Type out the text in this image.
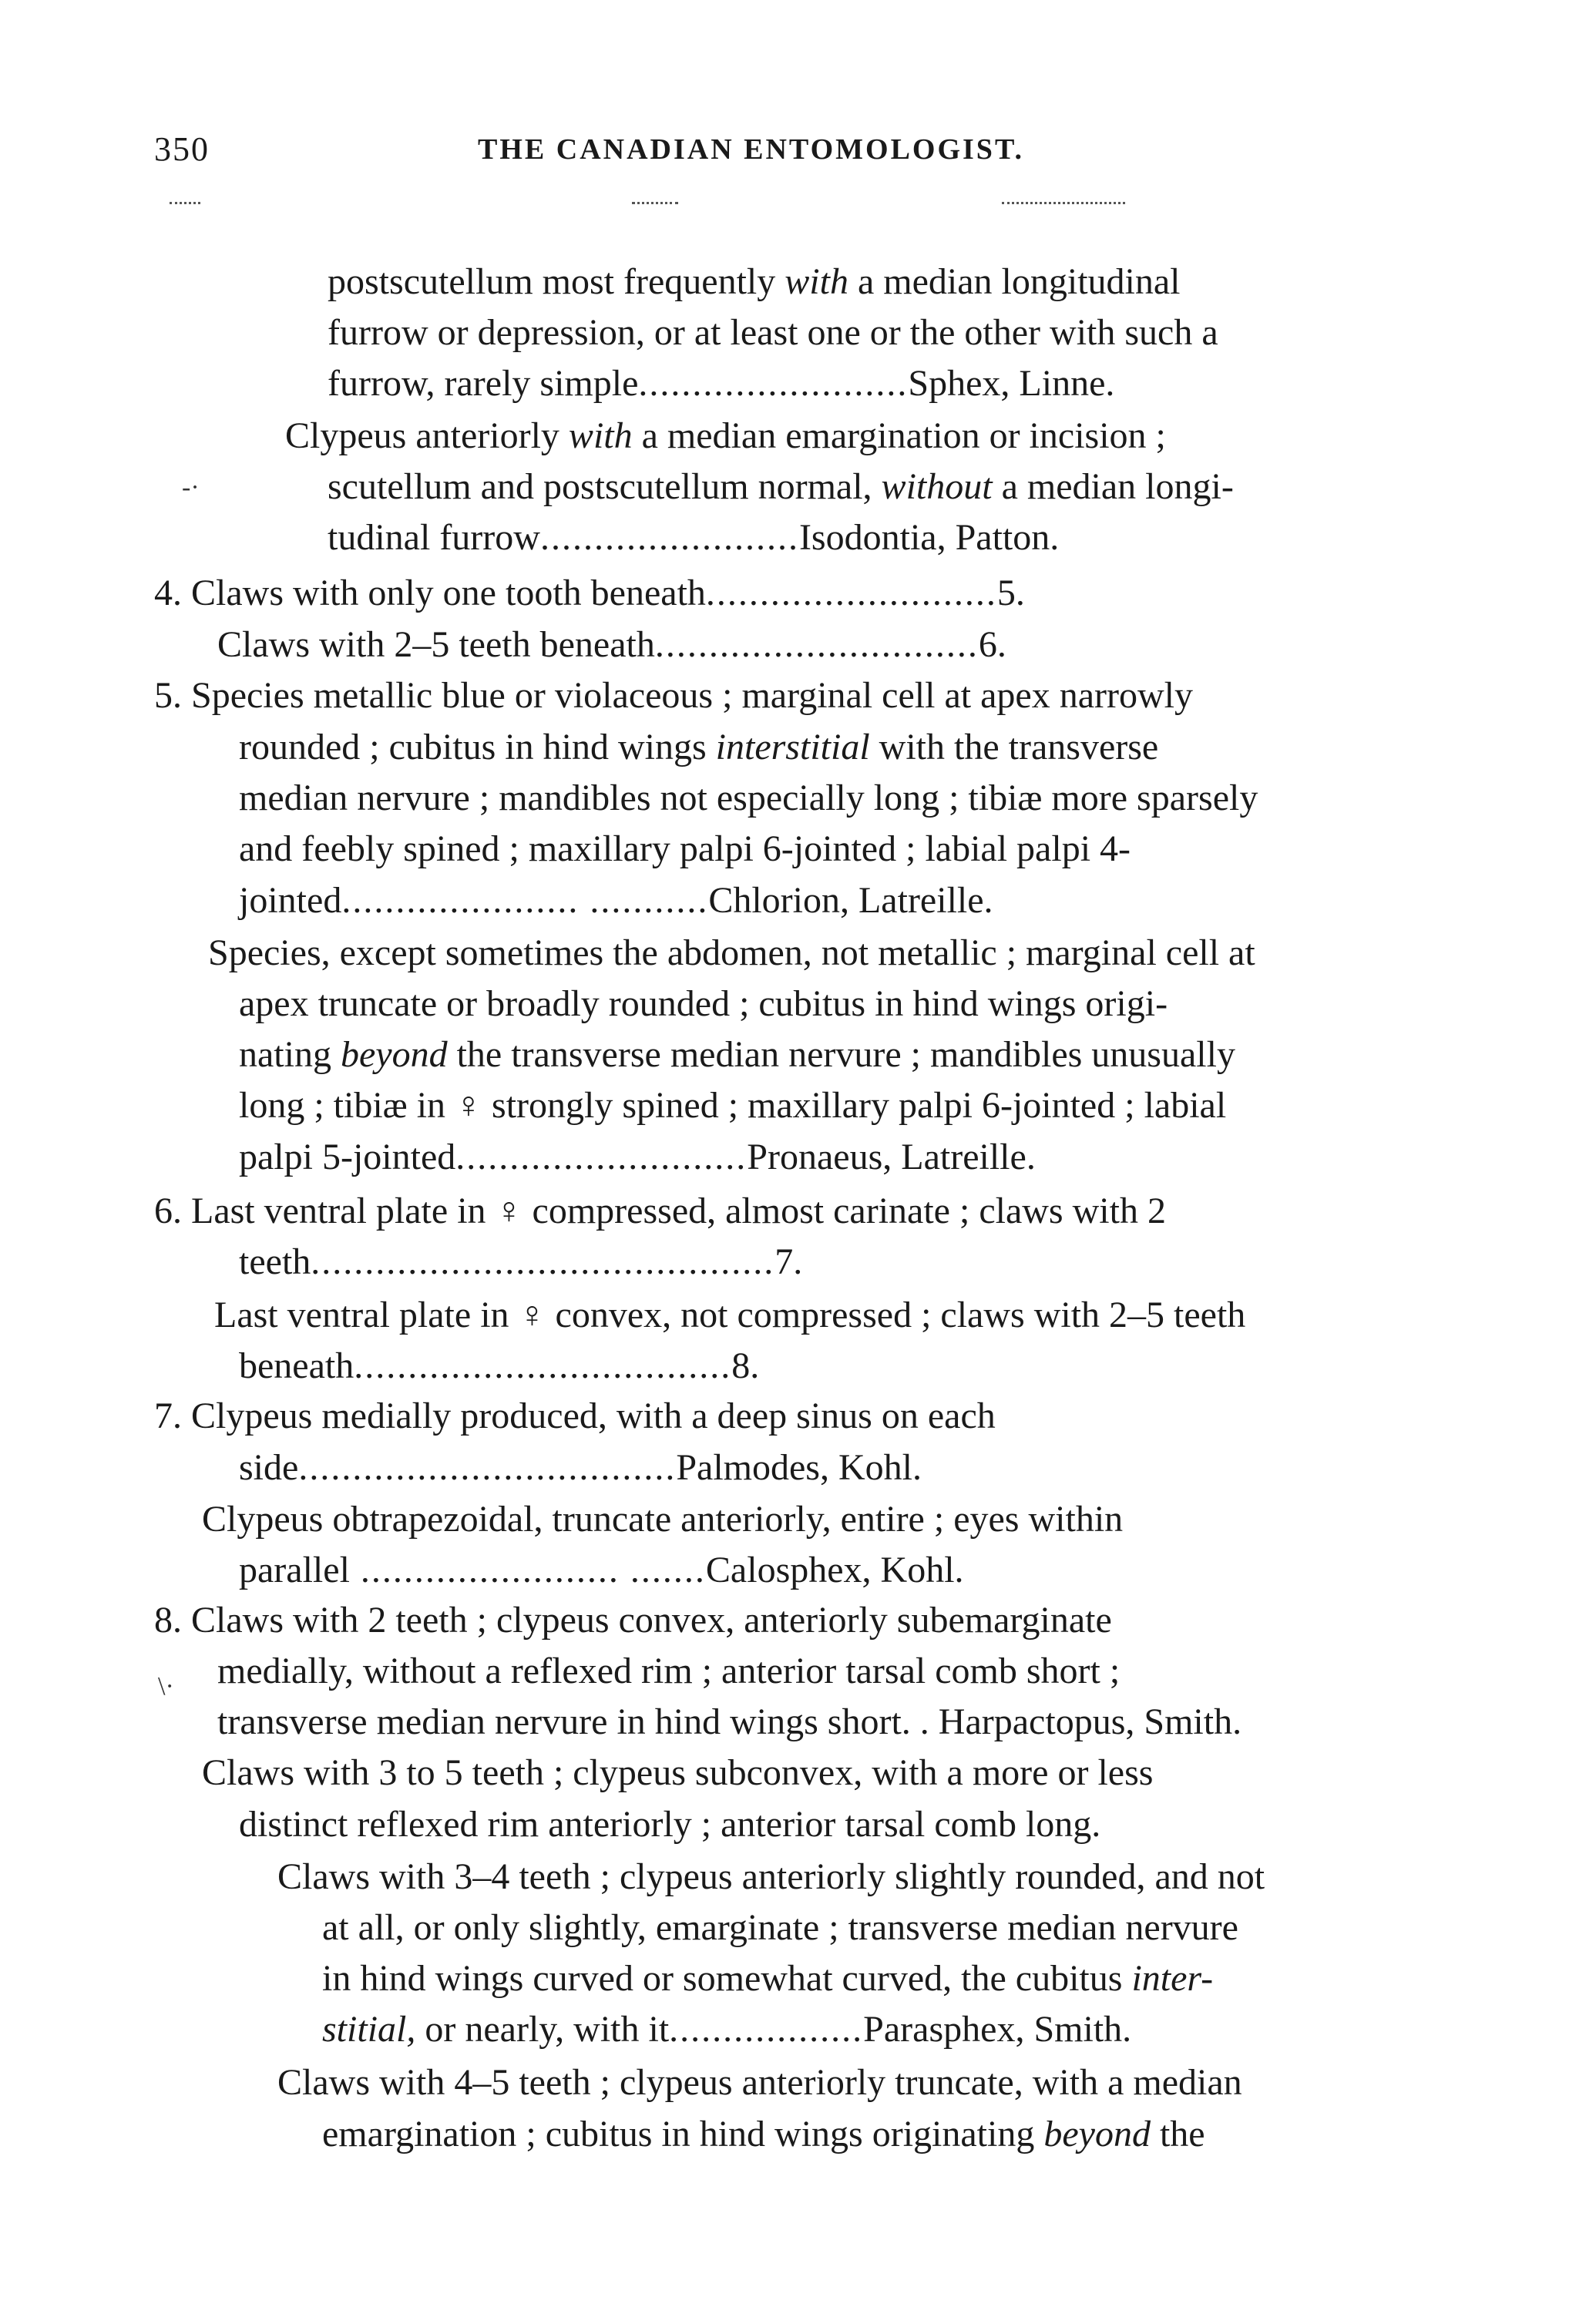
350	THE CANADIAN ENTOMOLOGIST.
-·
\·
postscutellum most frequently with a median longitudinal
furrow or depression, or at least one or the other with such a
furrow, rarely simple.........................Sphex, Linne.
Clypeus anteriorly with a median emargination or incision ;
scutellum and postscutellum normal, without a median longi-
tudinal furrow........................Isodontia, Patton.
4. Claws with only one tooth beneath...........................5.
Claws with 2–5 teeth beneath..............................6.
5. Species metallic blue or violaceous ; marginal cell at apex narrowly
rounded ; cubitus in hind wings interstitial with the transverse
median nervure ; mandibles not especially long ; tibiæ more sparsely
and feebly spined ; maxillary palpi 6-jointed ; labial palpi 4-
jointed...................... ...........Chlorion, Latreille.
Species, except sometimes the abdomen, not metallic ; marginal cell at
apex truncate or broadly rounded ; cubitus in hind wings origi-
nating beyond the transverse median nervure ; mandibles unusually
long ; tibiæ in ♀ strongly spined ; maxillary palpi 6-jointed ; labial
palpi 5-jointed...........................Pronaeus, Latreille.
6. Last ventral plate in ♀ compressed, almost carinate ; claws with 2
teeth...........................................7.
Last ventral plate in ♀ convex, not compressed ; claws with 2–5 teeth
beneath...................................8.
7. Clypeus medially produced, with a deep sinus on each
side...................................Palmodes, Kohl.
Clypeus obtrapezoidal, truncate anteriorly, entire ; eyes within
parallel ........................ .......Calosphex, Kohl.
8. Claws with 2 teeth ; clypeus convex, anteriorly subemarginate
medially, without a reflexed rim ; anterior tarsal comb short ;
transverse median nervure in hind wings short. . Harpactopus, Smith.
Claws with 3 to 5 teeth ; clypeus subconvex, with a more or less
distinct reflexed rim anteriorly ; anterior tarsal comb long.
Claws with 3–4 teeth ; clypeus anteriorly slightly rounded, and not
at all, or only slightly, emarginate ; transverse median nervure
in hind wings curved or somewhat curved, the cubitus inter-
stitial, or nearly, with it..................Parasphex, Smith.
Claws with 4–5 teeth ; clypeus anteriorly truncate, with a median
emargination ; cubitus in hind wings originating beyond the
